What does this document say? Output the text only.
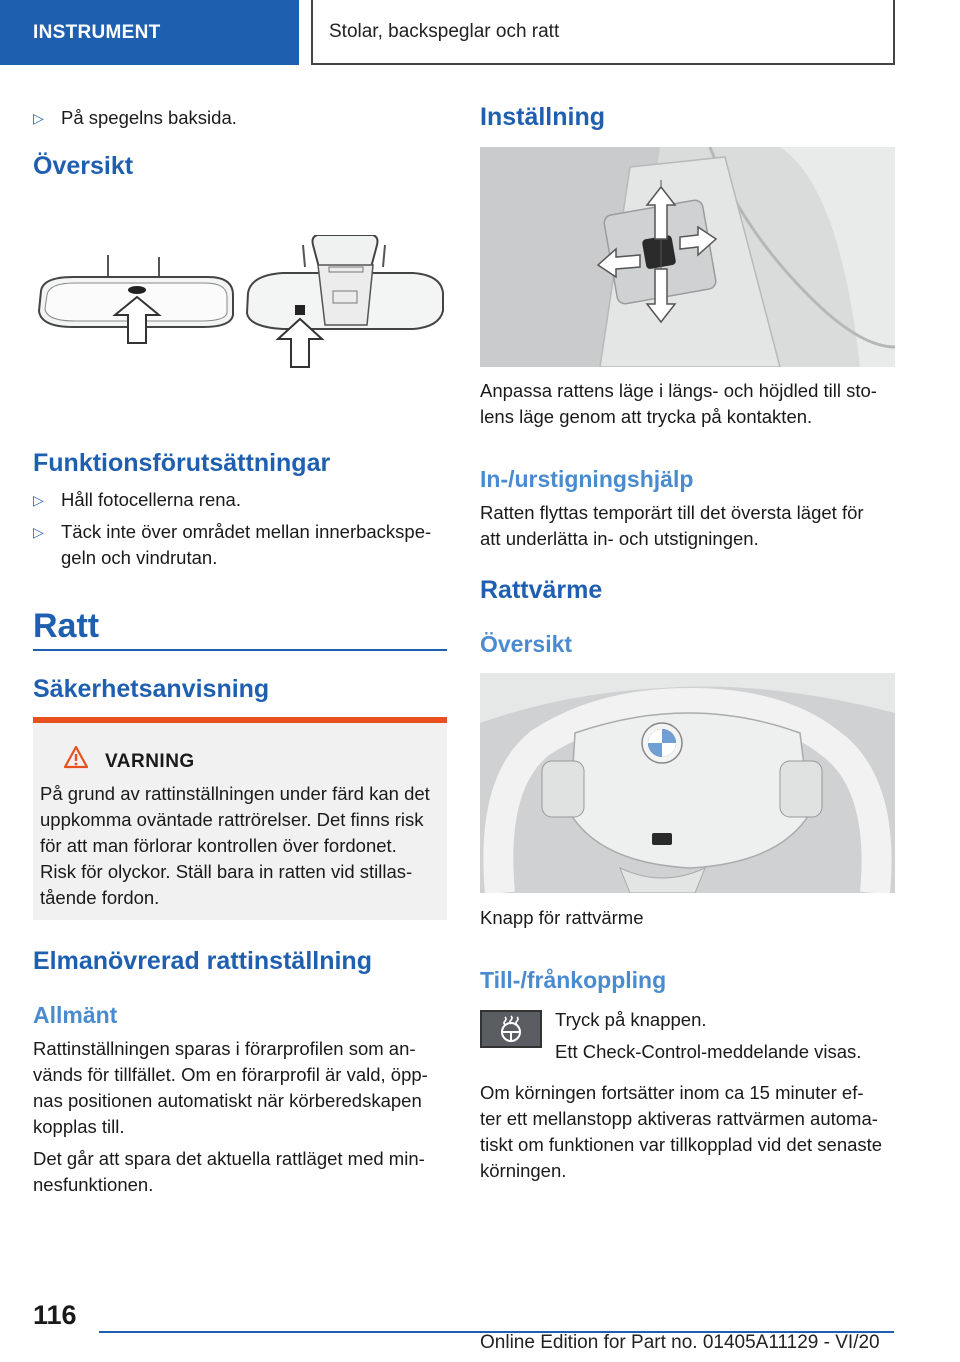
INSTRUMENT	Stolar, backspeglar och ratt
▷ På spegelns baksida.
Översikt
Funktionsförutsättningar
▷ Håll fotocellerna rena.
▷ Täck inte över området mellan innerbackspe-
geln och vindrutan.
Ratt
Säkerhetsanvisning
VARNING
På grund av rattinställningen under färd kan det
uppkomma oväntade rattrörelser. Det finns risk
för att man förlorar kontrollen över fordonet.
Risk för olyckor. Ställ bara in ratten vid stillas-
tående fordon.
Elmanövrerad rattinställning
Allmänt
Rattinställningen sparas i förarprofilen som an-
vänds för tillfället. Om en förarprofil är vald, öpp-
nas positionen automatiskt när körberedskapen
kopplas till.
Det går att spara det aktuella rattläget med min-
nesfunktionen.
Inställning
Anpassa rattens läge i längs- och höjdled till sto-
lens läge genom att trycka på kontakten.
In-/urstigningshjälp
Ratten flyttas temporärt till det översta läget för
att underlätta in- och utstigningen.
Rattvärme
Översikt
Knapp för rattvärme
Till-/frånkoppling
Tryck på knappen.
Ett Check-Control-meddelande visas.
Om körningen fortsätter inom ca 15 minuter ef-
ter ett mellanstopp aktiveras rattvärmen automa-
tiskt om funktionen var tillkopplad vid det senaste
körningen.
116
Online Edition for Part no. 01405A11129 - VI/20
